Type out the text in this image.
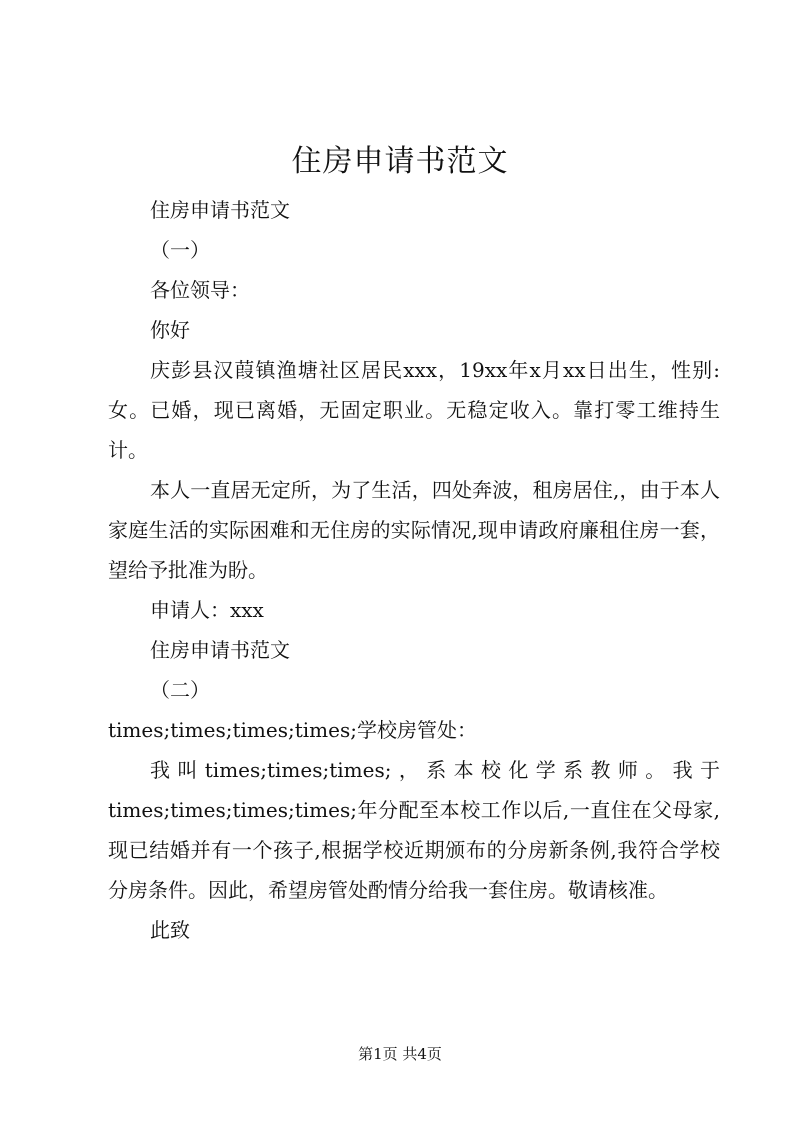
住房申请书范文

住房申请书范文

（一）

各位领导：

你好

庆彭县汉葭镇渔塘社区居民xxx，19xx年x月xx日出生，性别:女。已婚，现已离婚，无固定职业。无稳定收入。靠打零工维持生计。

本人一直居无定所，为了生活，四处奔波，租房居住,，由于本人家庭生活的实际困难和无住房的实际情况,现申请政府廉租住房一套，望给予批准为盼。

申请人：xxx

住房申请书范文

（二）

times;times;times;times;学校房管处：

我叫times;times;times;，系本校化学系教师。我于times;times;times;times;年分配至本校工作以后,一直住在父母家,现已结婚并有一个孩子,根据学校近期颁布的分房新条例,我符合学校分房条件。因此，希望房管处酌情分给我一套住房。敬请核准。

此致

第1页 共4页
